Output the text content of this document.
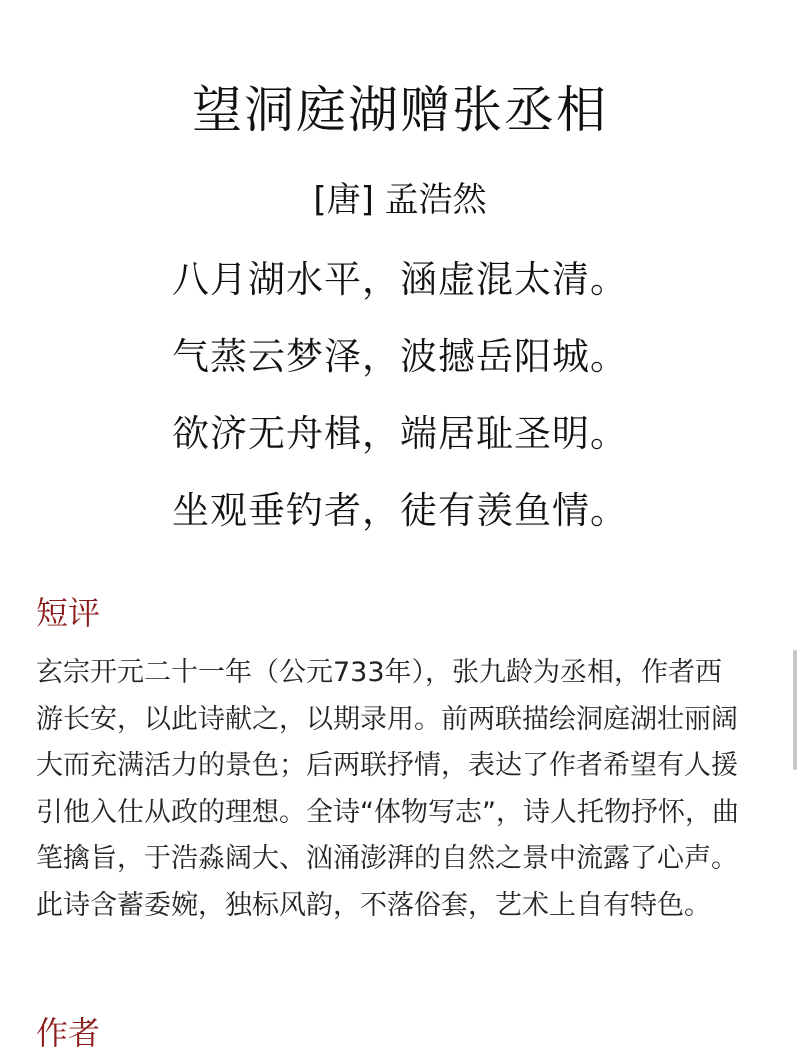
望洞庭湖赠张丞相
[唐] 孟浩然
八月湖水平，涵虚混太清。
气蒸云梦泽，波撼岳阳城。
欲济无舟楫，端居耻圣明。
坐观垂钓者，徒有羡鱼情。
短评
玄宗开元二十一年（公元733年），张九龄为丞相，作者西游长安，以此诗献之，以期录用。前两联描绘洞庭湖壮丽阔大而充满活力的景色；后两联抒情，表达了作者希望有人援引他入仕从政的理想。全诗“体物写志”，诗人托物抒怀，曲笔擒旨，于浩淼阔大、汹涌澎湃的自然之景中流露了心声。此诗含蓄委婉，独标风韵，不落俗套，艺术上自有特色。
作者
